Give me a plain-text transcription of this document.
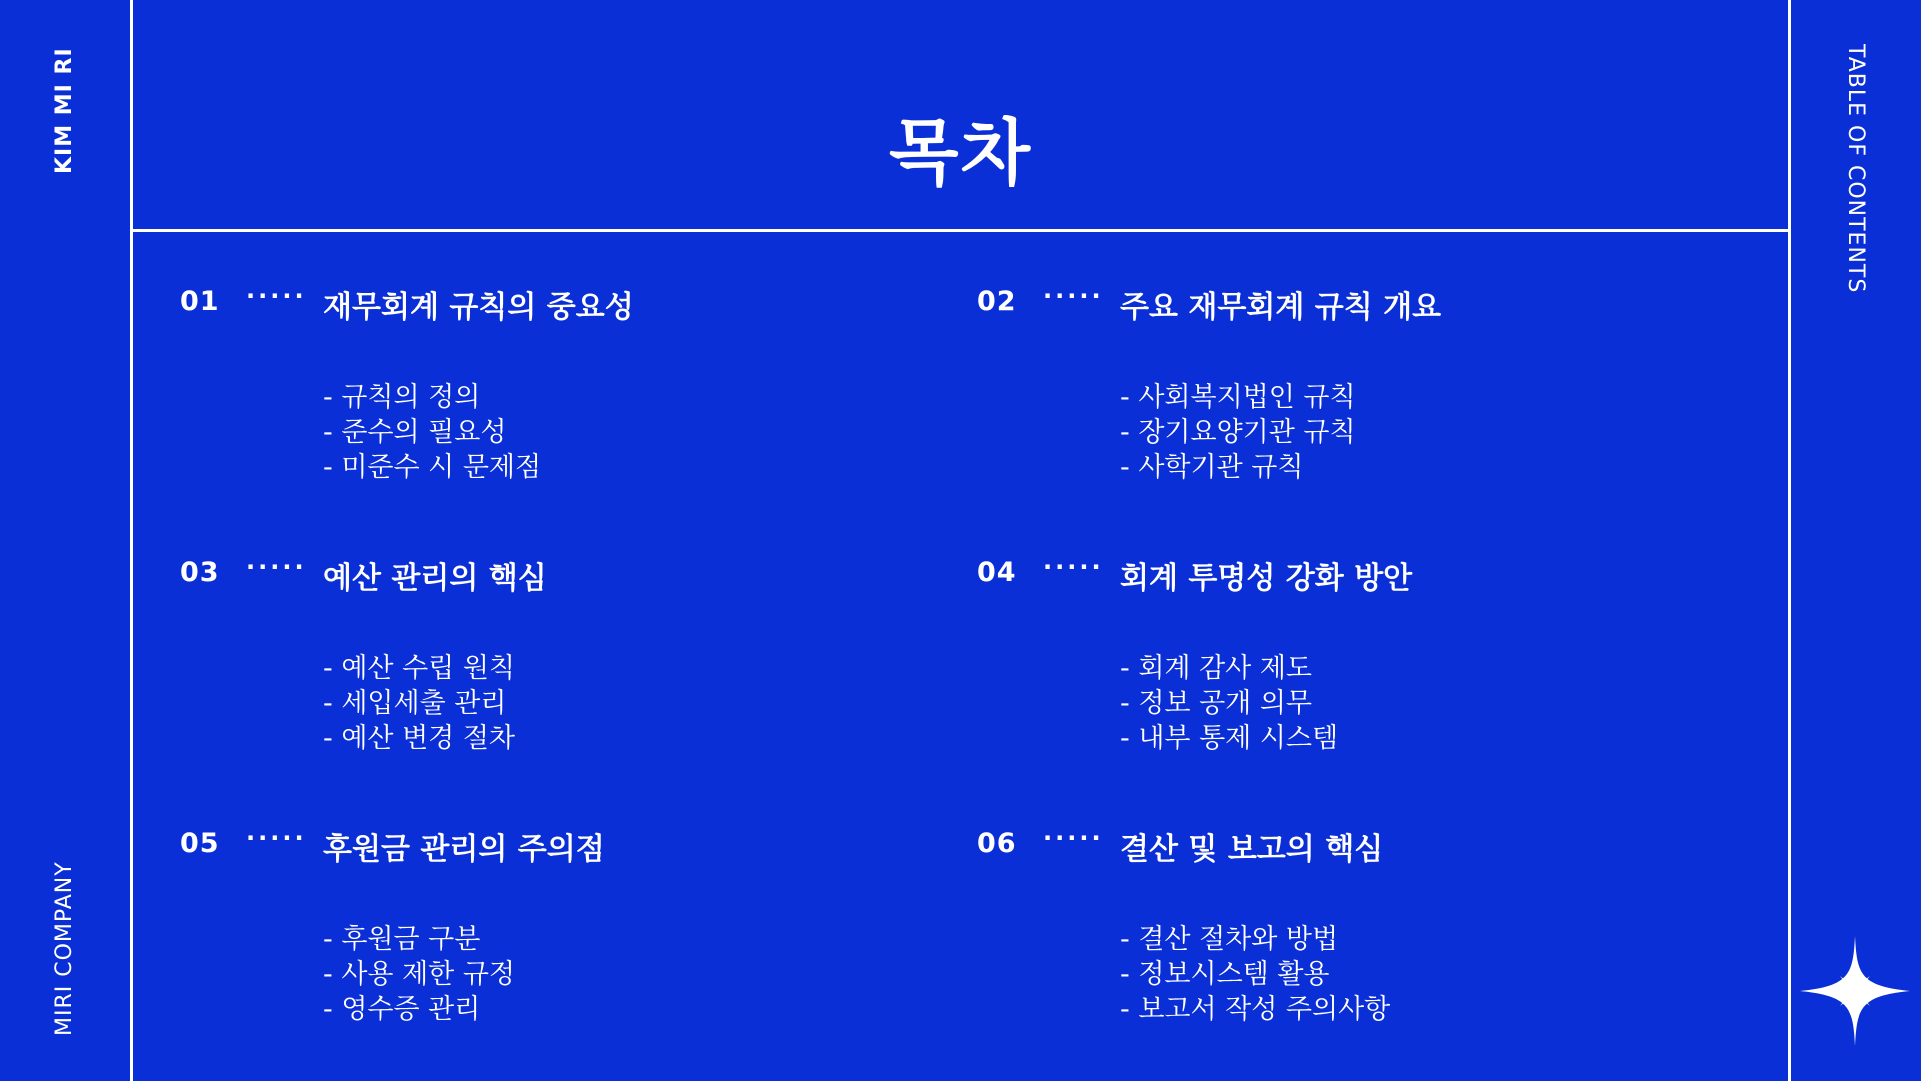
KIM MI RI
MIRI COMPANY
TABLE OF CONTENTS
목차
01 ····· 재무회계 규칙의 중요성
- 규칙의 정의
- 준수의 필요성
- 미준수 시 문제점
02 ····· 주요 재무회계 규칙 개요
- 사회복지법인 규칙
- 장기요양기관 규칙
- 사학기관 규칙
03 ····· 예산 관리의 핵심
- 예산 수립 원칙
- 세입세출 관리
- 예산 변경 절차
04 ····· 회계 투명성 강화 방안
- 회계 감사 제도
- 정보 공개 의무
- 내부 통제 시스템
05 ····· 후원금 관리의 주의점
- 후원금 구분
- 사용 제한 규정
- 영수증 관리
06 ····· 결산 및 보고의 핵심
- 결산 절차와 방법
- 정보시스템 활용
- 보고서 작성 주의사항
